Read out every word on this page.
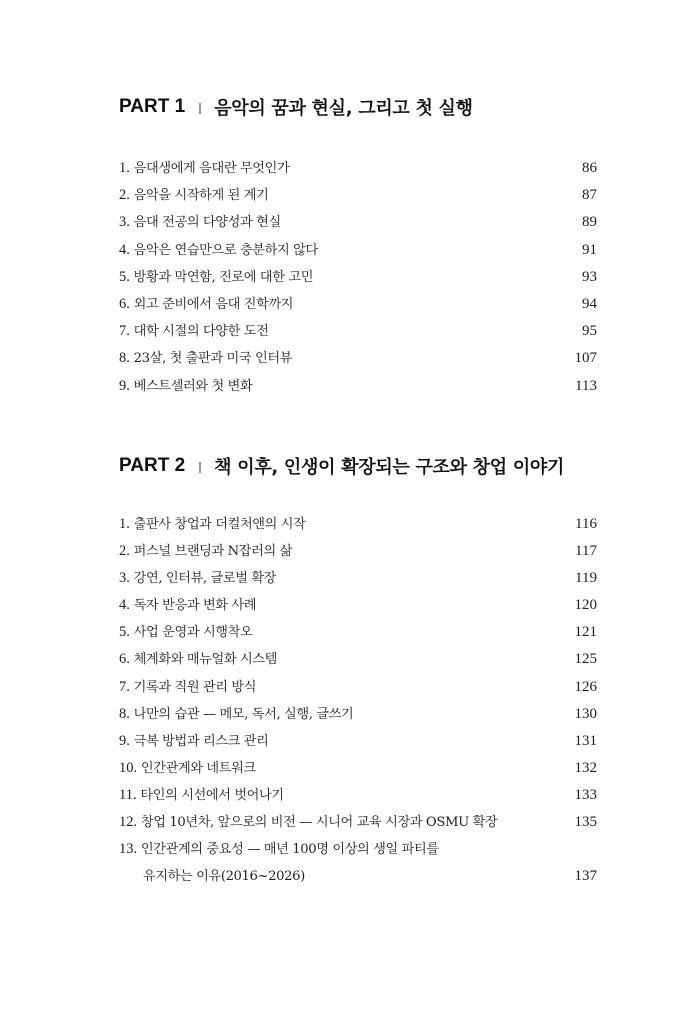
PART 1 음악의 꿈과 현실, 그리고 첫 실행
1. 음대생에게 음대란 무엇인가	86
2. 음악을 시작하게 된 계기	87
3. 음대 전공의 다양성과 현실	89
4. 음악은 연습만으로 충분하지 않다	91
5. 방황과 막연함, 진로에 대한 고민	93
6. 외고 준비에서 음대 진학까지	94
7. 대학 시절의 다양한 도전	95
8. 23살, 첫 출판과 미국 인터뷰	107
9. 베스트셀러와 첫 변화	113
PART 2 책 이후, 인생이 확장되는 구조와 창업 이야기
1. 출판사 창업과 더컬처앤의 시작	116
2. 퍼스널 브랜딩과 N잡러의 삶	117
3. 강연, 인터뷰, 글로벌 확장	119
4. 독자 반응과 변화 사례	120
5. 사업 운영과 시행착오	121
6. 체계화와 매뉴얼화 시스템	125
7. 기록과 직원 관리 방식	126
8. 나만의 습관 — 메모, 독서, 실행, 글쓰기	130
9. 극복 방법과 리스크 관리	131
10. 인간관계와 네트워크	132
11. 타인의 시선에서 벗어나기	133
12. 창업 10년차, 앞으로의 비전 — 시니어 교육 시장과 OSMU 확장	135
13. 인간관계의 중요성 — 매년 100명 이상의 생일 파티를
유지하는 이유(2016~2026)	137
